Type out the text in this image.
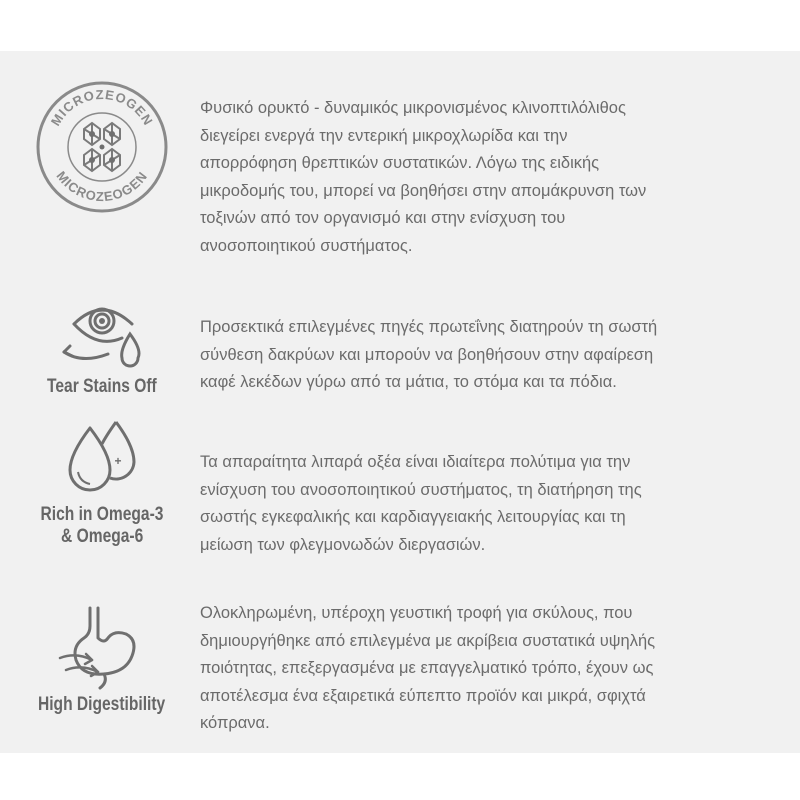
MICROZEOGEN
MICROZEOGEN
Φυσικό ορυκτό - δυναμικός μικρονισμένος κλινοπτιλόλιθος
διεγείρει ενεργά την εντερική μικροχλωρίδα και την
απορρόφηση θρεπτικών συστατικών. Λόγω της ειδικής
μικροδομής του, μπορεί να βοηθήσει στην απομάκρυνση των
τοξινών από τον οργανισμό και στην ενίσχυση του
ανοσοποιητικού συστήματος.
Tear Stains Off
Προσεκτικά επιλεγμένες πηγές πρωτεΐνης διατηρούν τη σωστή
σύνθεση δακρύων και μπορούν να βοηθήσουν στην αφαίρεση
καφέ λεκέδων γύρω από τα μάτια, το στόμα και τα πόδια.
+
Rich in Omega-3
& Omega-6
Τα απαραίτητα λιπαρά οξέα είναι ιδιαίτερα πολύτιμα για την
ενίσχυση του ανοσοποιητικού συστήματος, τη διατήρηση της
σωστής εγκεφαλικής και καρδιαγγειακής λειτουργίας και τη
μείωση των φλεγμονωδών διεργασιών.
High Digestibility
Ολοκληρωμένη, υπέροχη γευστική τροφή για σκύλους, που
δημιουργήθηκε από επιλεγμένα με ακρίβεια συστατικά υψηλής
ποιότητας, επεξεργασμένα με επαγγελματικό τρόπο, έχουν ως
αποτέλεσμα ένα εξαιρετικά εύπεπτο προϊόν και μικρά, σφιχτά
κόπρανα.
